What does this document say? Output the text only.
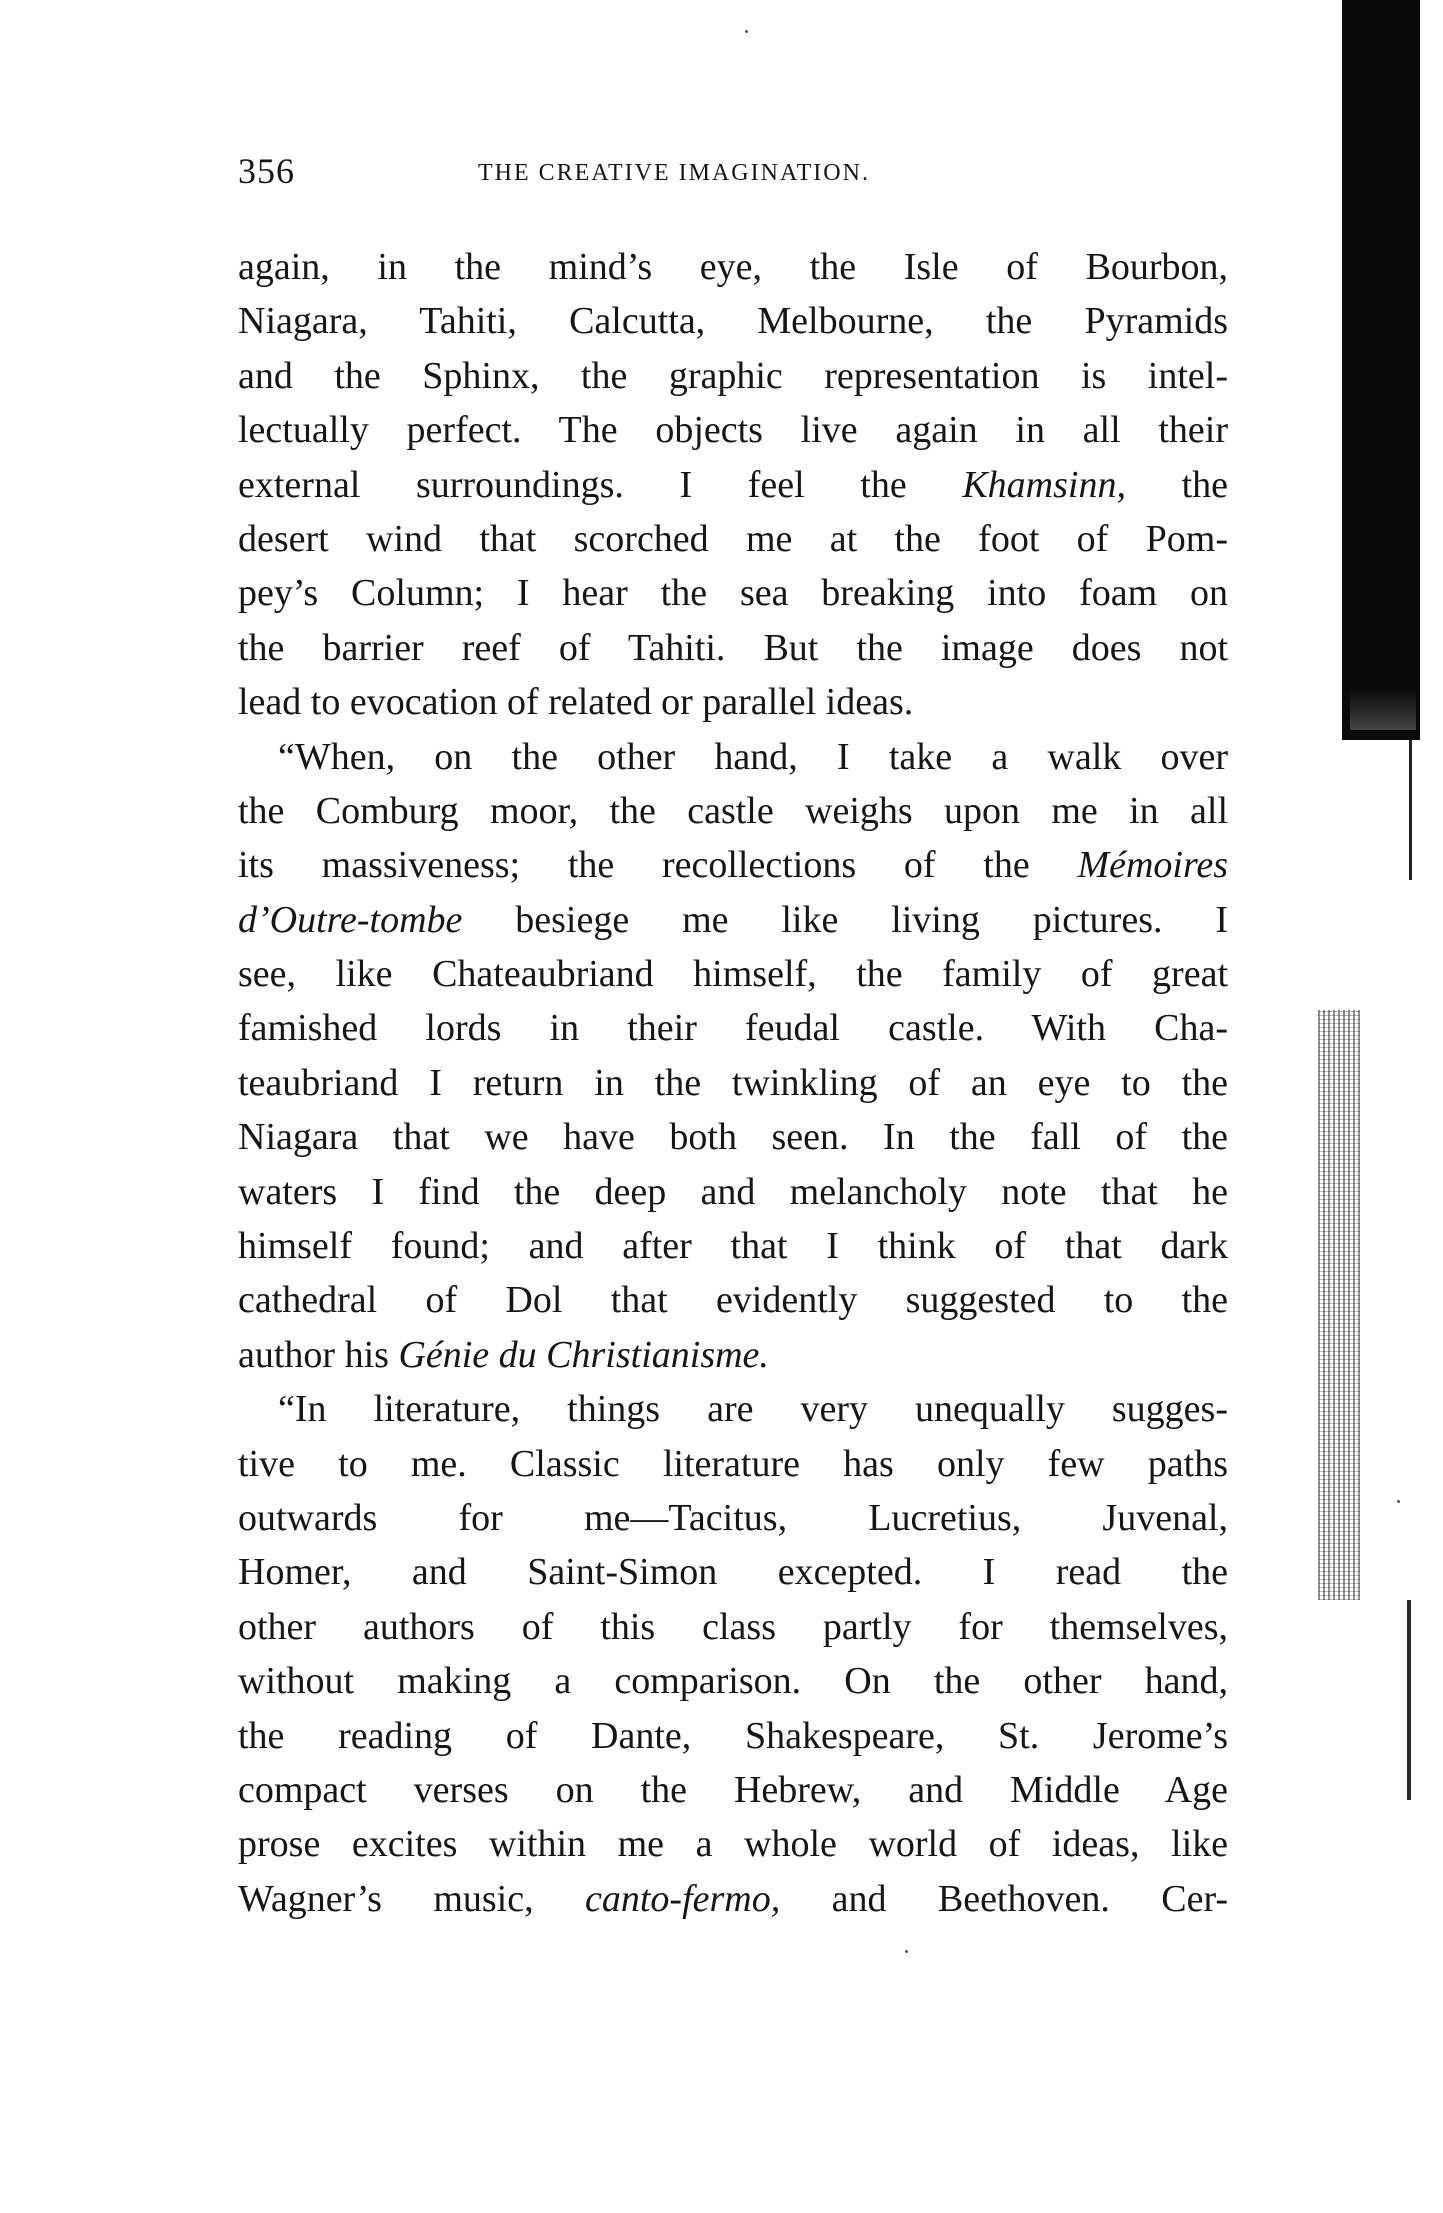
356	THE CREATIVE IMAGINATION.
again, in the mind’s eye, the Isle of Bourbon,
Niagara, Tahiti, Calcutta, Melbourne, the Pyramids
and the Sphinx, the graphic representation is intel-
lectually perfect. The objects live again in all their
external surroundings. I feel the Khamsinn, the
desert wind that scorched me at the foot of Pom-
pey’s Column; I hear the sea breaking into foam on
the barrier reef of Tahiti. But the image does not
lead to evocation of related or parallel ideas.
“When, on the other hand, I take a walk over
the Comburg moor, the castle weighs upon me in all
its massiveness; the recollections of the Mémoires
d’Outre-tombe besiege me like living pictures. I
see, like Chateaubriand himself, the family of great
famished lords in their feudal castle. With Cha-
teaubriand I return in the twinkling of an eye to the
Niagara that we have both seen. In the fall of the
waters I find the deep and melancholy note that he
himself found; and after that I think of that dark
cathedral of Dol that evidently suggested to the
author his Génie du Christianisme.
“In literature, things are very unequally sugges-
tive to me. Classic literature has only few paths
outwards for me—Tacitus, Lucretius, Juvenal,
Homer, and Saint-Simon excepted. I read the
other authors of this class partly for themselves,
without making a comparison. On the other hand,
the reading of Dante, Shakespeare, St. Jerome’s
compact verses on the Hebrew, and Middle Age
prose excites within me a whole world of ideas, like
Wagner’s music, canto-fermo, and Beethoven. Cer-
